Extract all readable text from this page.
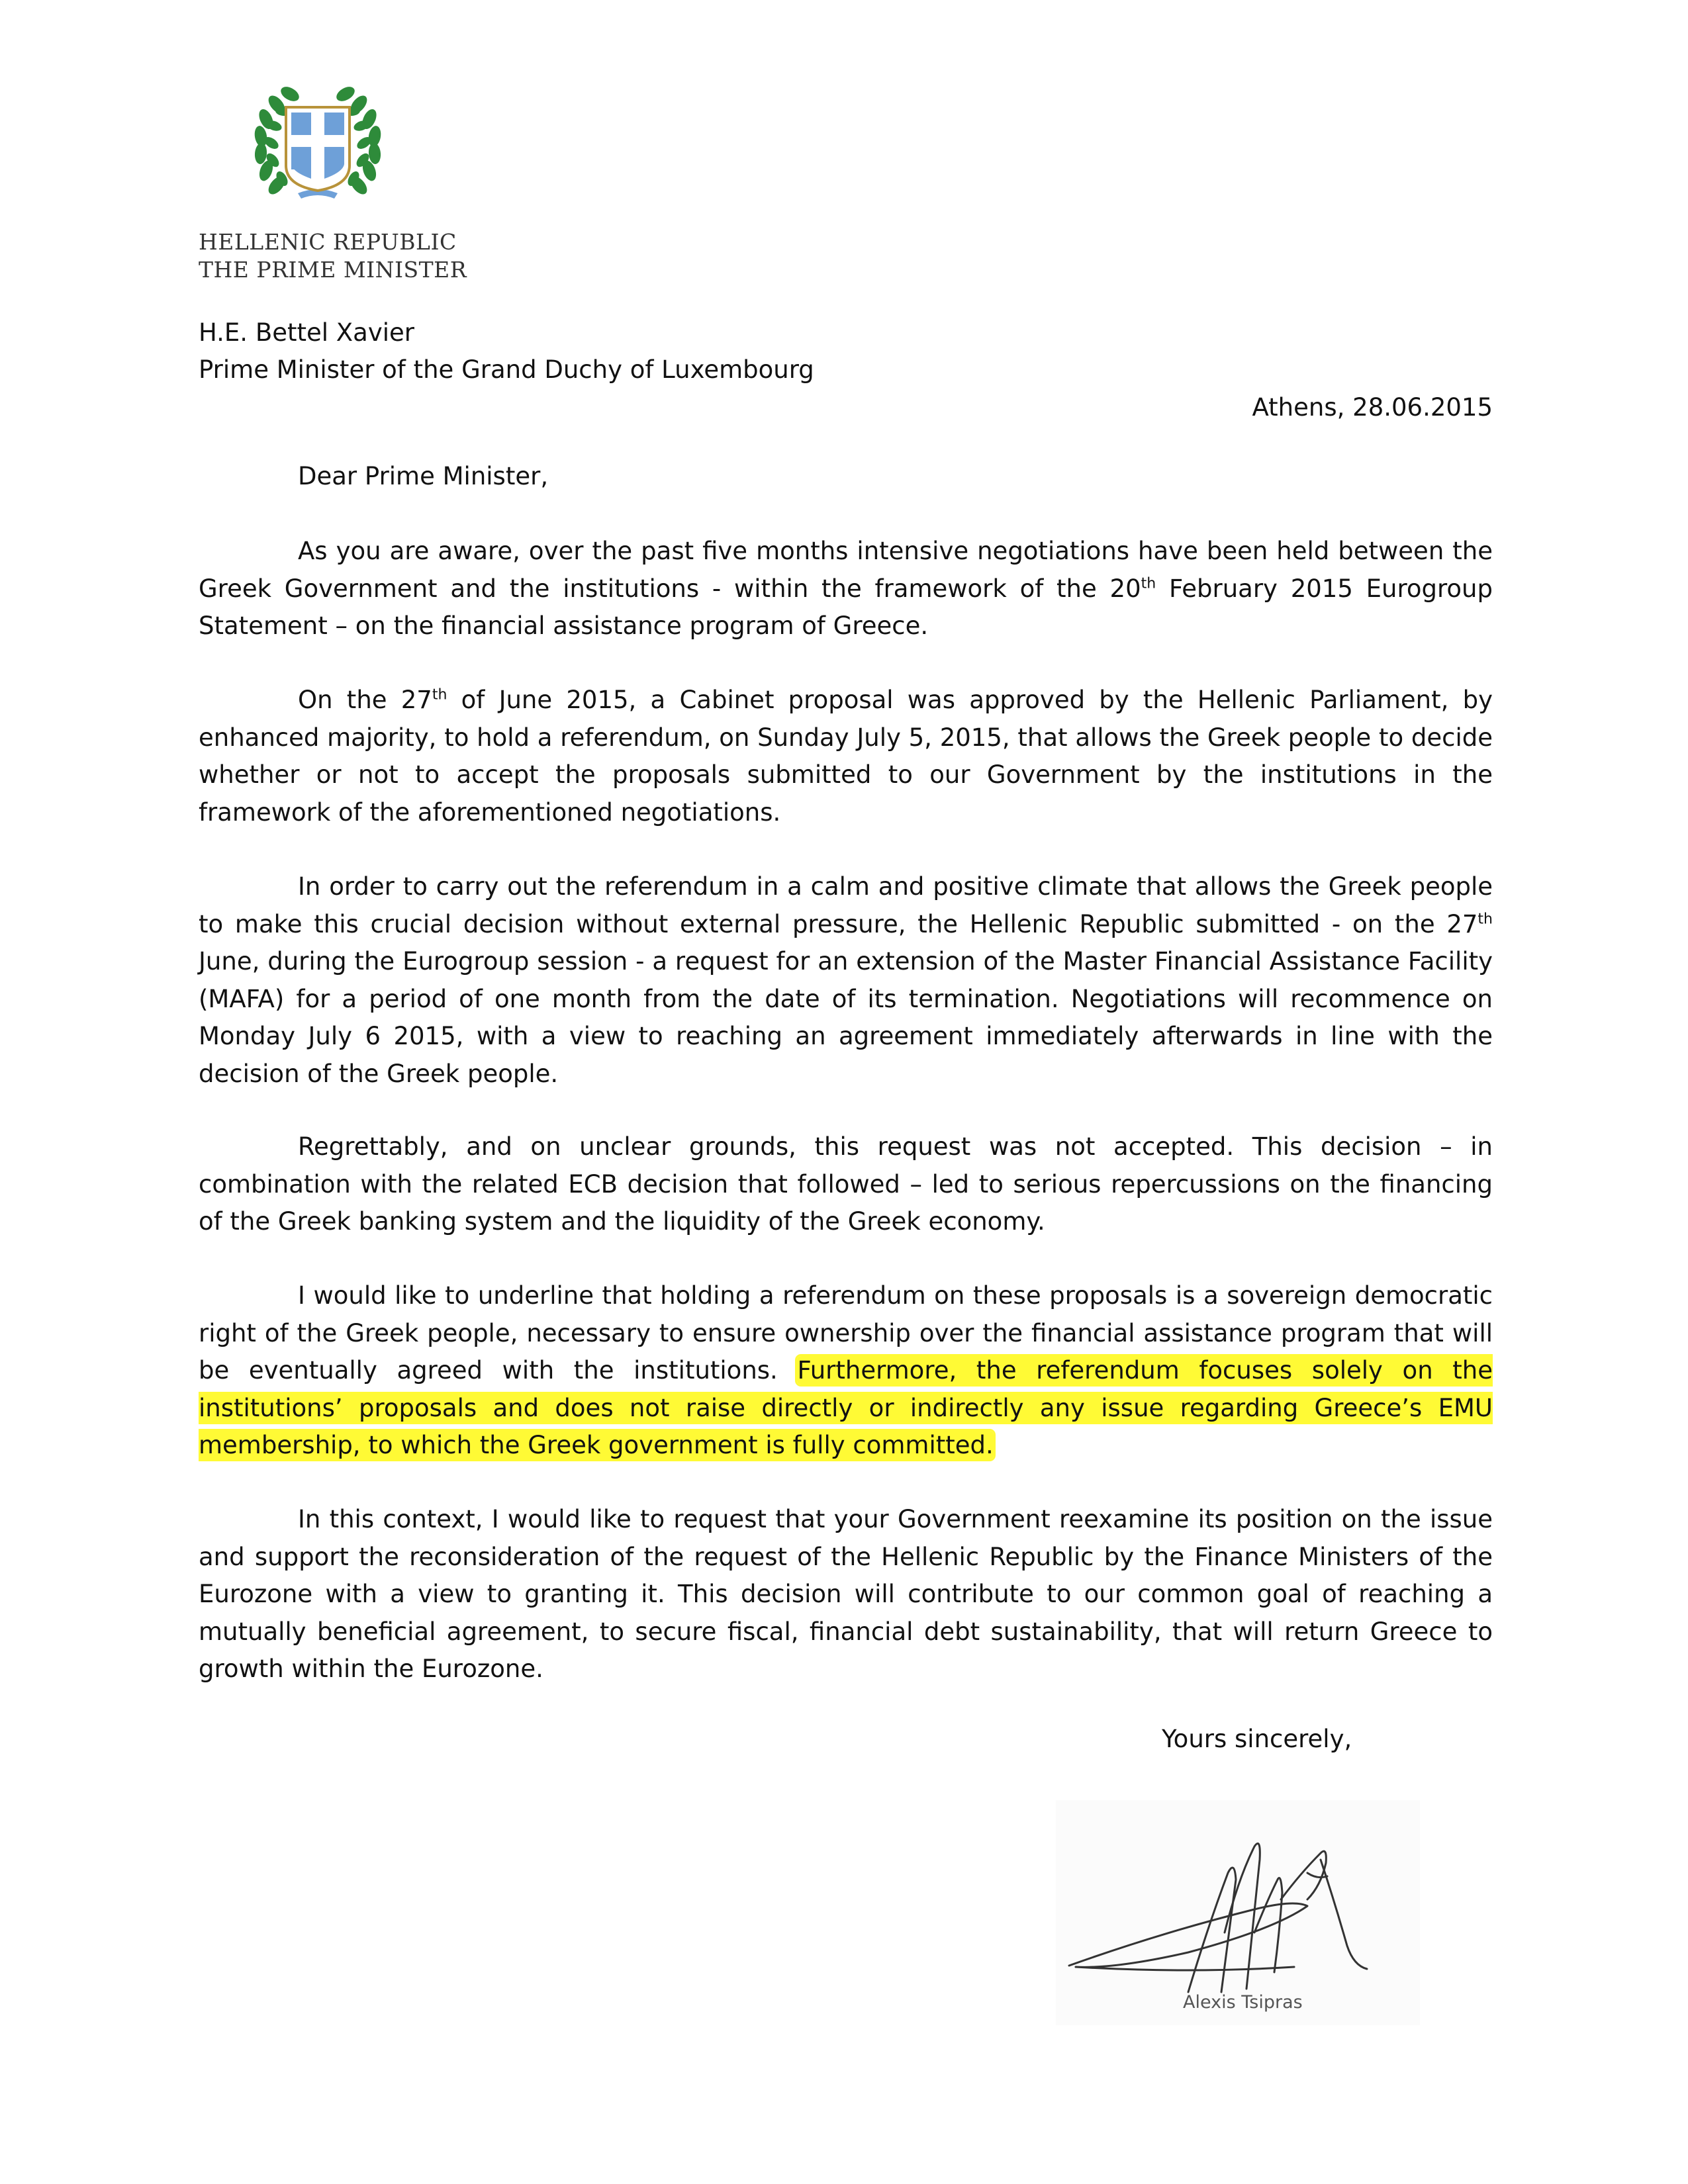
HELLENIC REPUBLIC
THE PRIME MINISTER
H.E. Bettel Xavier
Prime Minister of the Grand Duchy of Luxembourg
Athens, 28.06.2015
Dear Prime Minister,

As you are aware, over the past five months intensive negotiations have been held between the Greek Government and the institutions - within the framework of the 20th February 2015 Eurogroup Statement – on the financial assistance program of Greece.

On the 27th of June 2015, a Cabinet proposal was approved by the Hellenic Parliament, by enhanced majority, to hold a referendum, on Sunday July 5, 2015, that allows the Greek people to decide whether or not to accept the proposals submitted to our Government by the institutions in the framework of the aforementioned negotiations.

In order to carry out the referendum in a calm and positive climate that allows the Greek people to make this crucial decision without external pressure, the Hellenic Republic submitted - on the 27th June, during the Eurogroup session - a request for an extension of the Master Financial Assistance Facility (MAFA) for a period of one month from the date of its termination. Negotiations will recommence on Monday July 6 2015, with a view to reaching an agreement immediately afterwards in line with the decision of the Greek people.

Regrettably, and on unclear grounds, this request was not accepted. This decision – in combination with the related ECB decision that followed – led to serious repercussions on the financing of the Greek banking system and the liquidity of the Greek economy.

I would like to underline that holding a referendum on these proposals is a sovereign democratic right of the Greek people, necessary to ensure ownership over the financial assistance program that will be eventually agreed with the institutions. Furthermore, the referendum focuses solely on the institutions’ proposals and does not raise directly or indirectly any issue regarding Greece’s EMU membership, to which the Greek government is fully committed.

In this context, I would like to request that your Government reexamine its position on the issue and support the reconsideration of the request of the Hellenic Republic by the Finance Ministers of the Eurozone with a view to granting it. This decision will contribute to our common goal of reaching a mutually beneficial agreement, to secure fiscal, financial debt sustainability, that will return Greece to growth within the Eurozone.

Yours sincerely,
Alexis Tsipras
